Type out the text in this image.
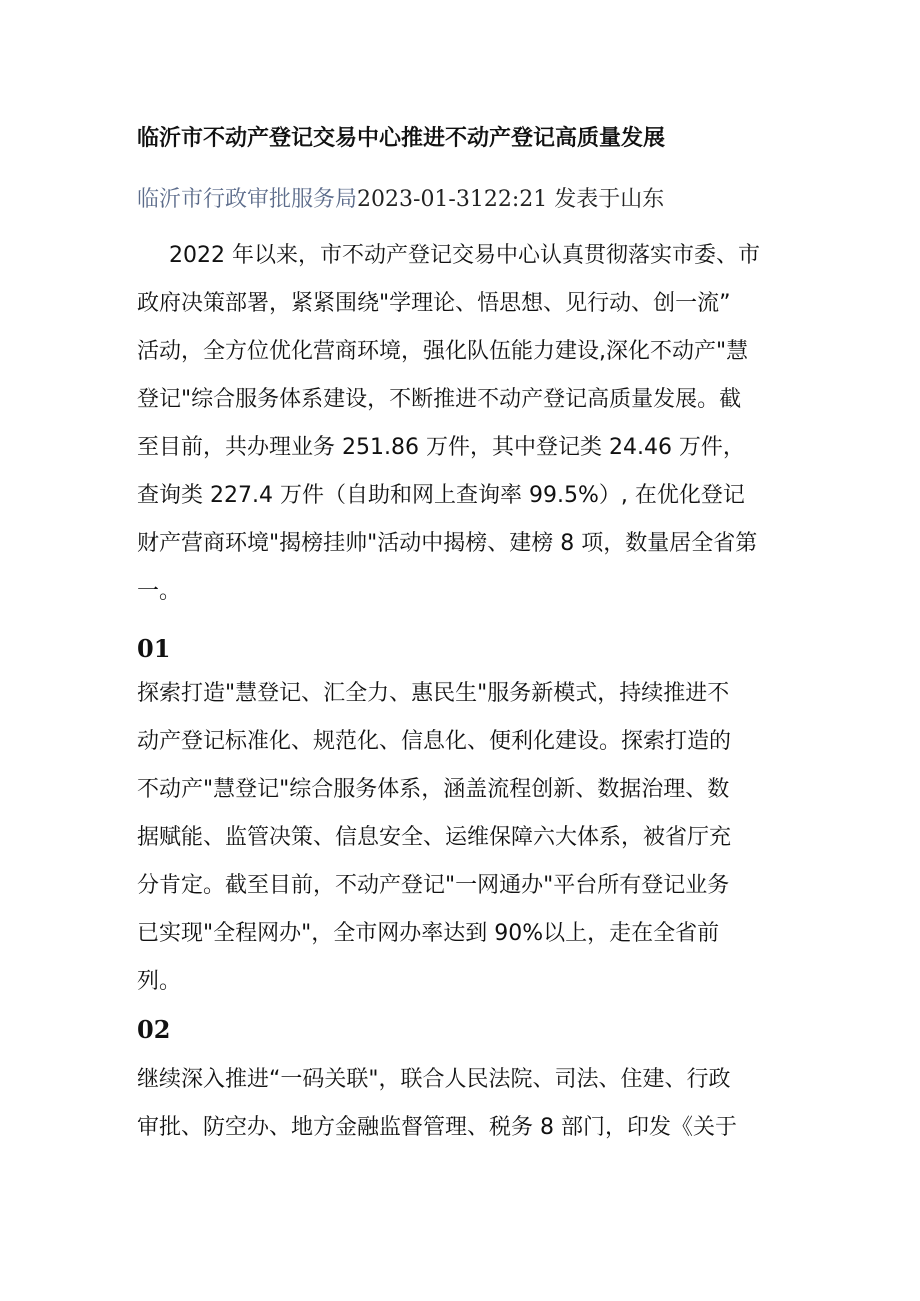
临沂市不动产登记交易中心推进不动产登记高质量发展

临沂市行政审批服务局2023-01-3122:21 发表于山东

2022 年以来，市不动产登记交易中心认真贯彻落实市委、市
政府决策部署，紧紧围绕"学理论、悟思想、见行动、创一流”
活动，全方位优化营商环境，强化队伍能力建设,深化不动产"慧
登记"综合服务体系建设，不断推进不动产登记高质量发展。截
至目前，共办理业务 251.86 万件，其中登记类 24.46 万件，
查询类 227.4 万件（自助和网上查询率 99.5%）, 在优化登记
财产营商环境"揭榜挂帅"活动中揭榜、建榜 8 项，数量居全省第
一。

01

探索打造"慧登记、汇全力、惠民生"服务新模式，持续推进不
动产登记标准化、规范化、信息化、便利化建设。探索打造的
不动产"慧登记"综合服务体系，涵盖流程创新、数据治理、数
据赋能、监管决策、信息安全、运维保障六大体系，被省厅充
分肯定。截至目前，不动产登记"一网通办"平台所有登记业务
已实现"全程网办"，全市网办率达到 90%以上，走在全省前
列。

02

继续深入推进“一码关联"，联合人民法院、司法、住建、行政
审批、防空办、地方金融监督管理、税务 8 部门，印发《关于
